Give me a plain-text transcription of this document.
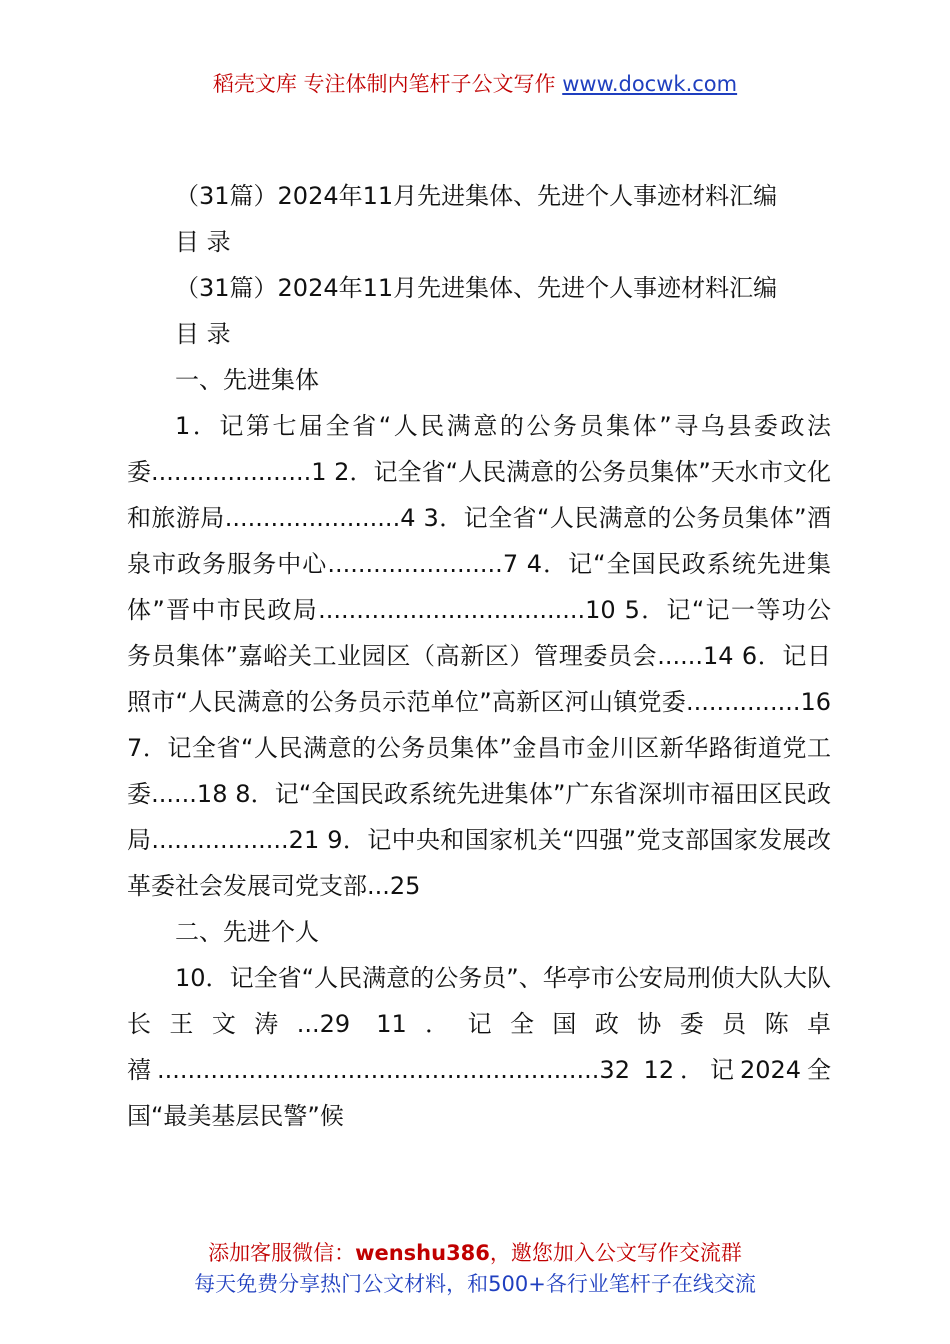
稻壳文库 专注体制内笔杆子公文写作 www.docwk.com

（31篇）2024年11月先进集体、先进个人事迹材料汇编

目 录

（31篇）2024年11月先进集体、先进个人事迹材料汇编

目 录

一、先进集体

1．记第七届全省“人民满意的公务员集体”寻乌县委政法委.....................1 2．记全省“人民满意的公务员集体”天水市文化和旅游局.......................4 3．记全省“人民满意的公务员集体”酒泉市政务服务中心.......................7 4．记“全国民政系统先进集体”晋中市民政局...................................10 5．记“记一等功公务员集体”嘉峪关工业园区（高新区）管理委员会......14 6．记日照市“人民满意的公务员示范单位”高新区河山镇党委...............16 7．记全省“人民满意的公务员集体”金昌市金川区新华路街道党工委......18 8．记“全国民政系统先进集体”广东省深圳市福田区民政局..................21 9．记中央和国家机关“四强”党支部国家发展改革委社会发展司党支部...25

二、先进个人

10．记全省“人民满意的公务员”、华亭市公安局刑侦大队大队长王文涛...29 11．记全国政协委员陈卓禧..........................................................32 12．记2024全国“最美基层民警”候

添加客服微信：wenshu386，邀您加入公文写作交流群
每天免费分享热门公文材料，和500+各行业笔杆子在线交流
